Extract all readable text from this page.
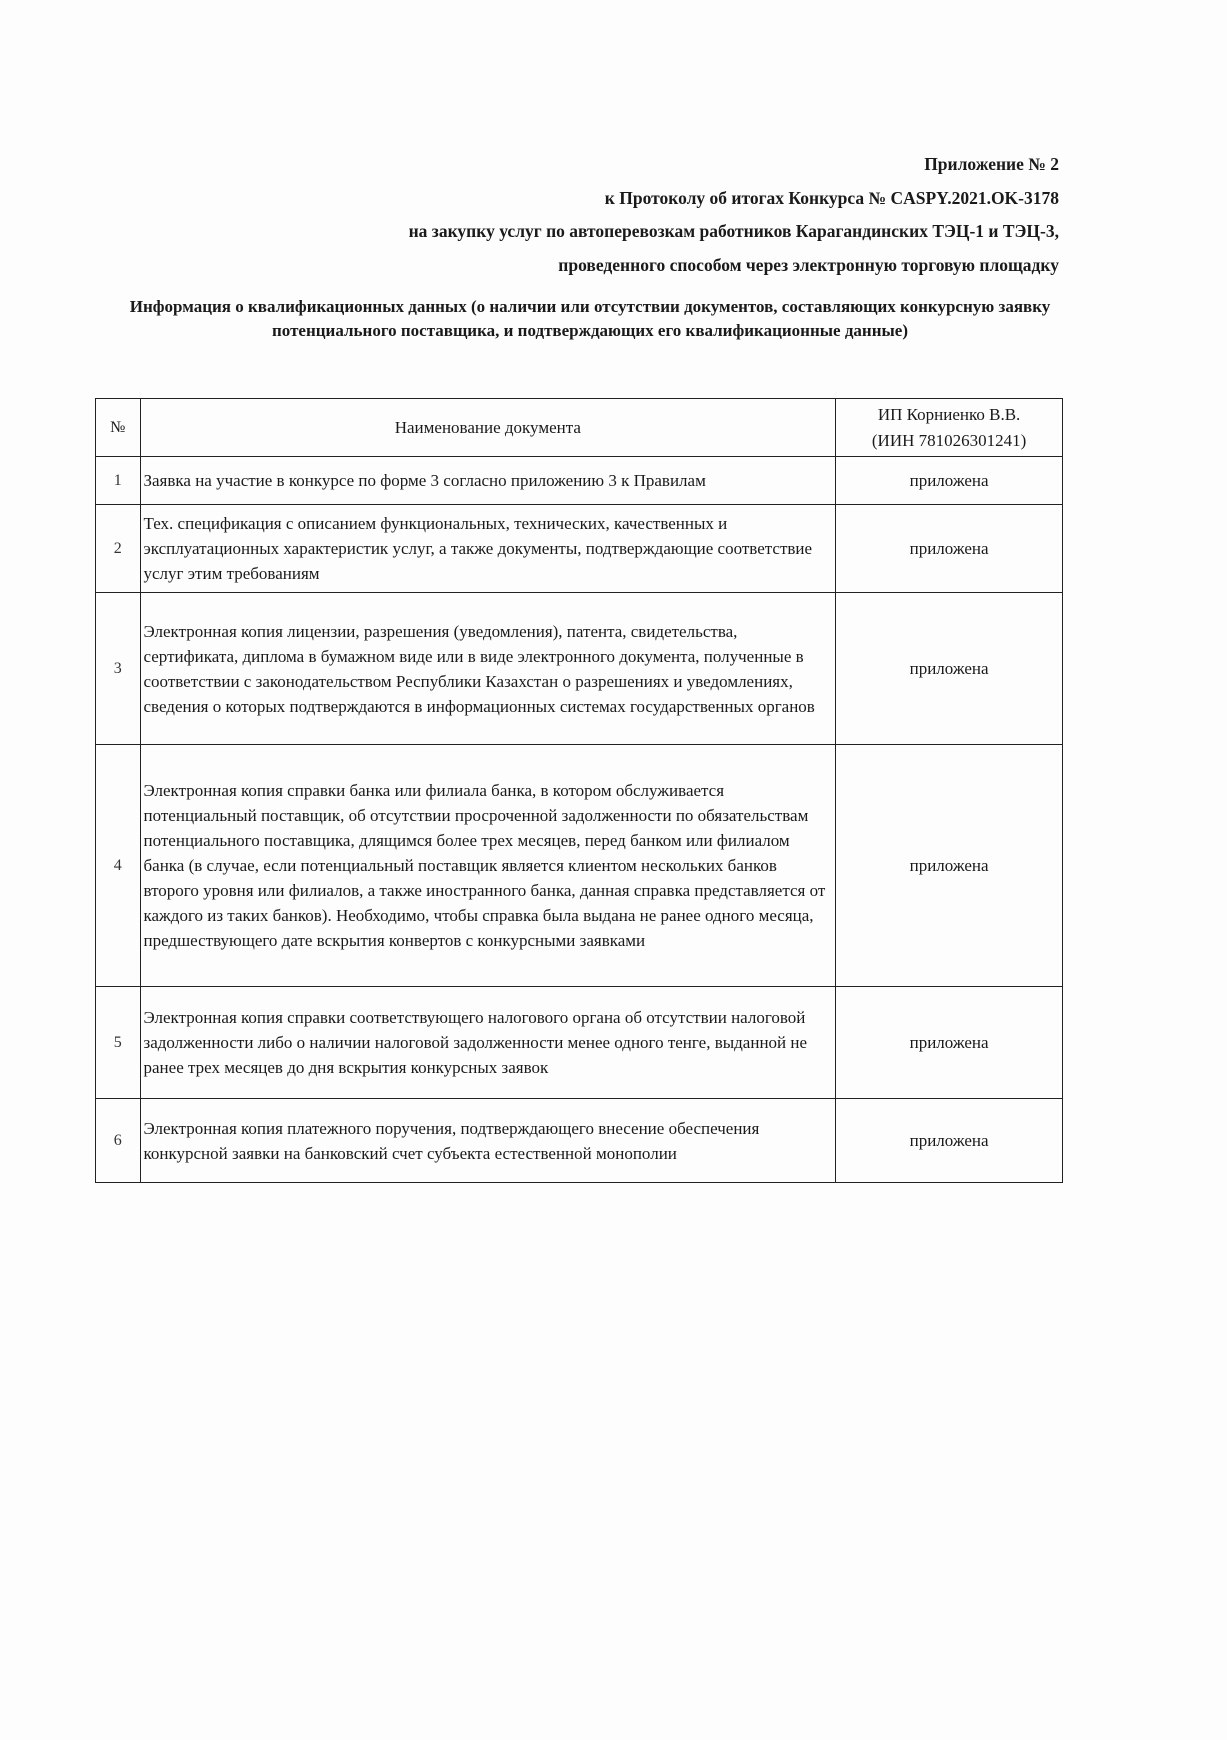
Приложение № 2
к Протоколу об итогах Конкурса № CASPY.2021.OK-3178
на закупку услуг по автоперевозкам работников Карагандинских ТЭЦ-1 и ТЭЦ-3,
проведенного способом через электронную торговую площадку
Информация о квалификационных данных (о наличии или отсутствии документов, составляющих конкурсную заявку потенциального поставщика, и подтверждающих его квалификационные данные)
№	Наименование документа	ИП Корниенко В.В.
(ИИН 781026301241)
1	Заявка на участие в конкурсе по форме 3 согласно приложению 3 к Правилам	приложена
2	Тех. спецификация с описанием функциональных, технических, качественных и эксплуатационных характеристик услуг, а также документы, подтверждающие соответствие услуг этим требованиям	приложена
3	Электронная копия лицензии, разрешения (уведомления), патента, свидетельства, сертификата, диплома в бумажном виде или в виде электронного документа, полученные в соответствии с законодательством Республики Казахстан о разрешениях и уведомлениях, сведения о которых подтверждаются в информационных системах государственных органов	приложена
4	Электронная копия справки банка или филиала банка, в котором обслуживается потенциальный поставщик, об отсутствии просроченной задолженности по обязательствам потенциального поставщика, длящимся более трех месяцев, перед банком или филиалом банка (в случае, если потенциальный поставщик является клиентом нескольких банков второго уровня или филиалов, а также иностранного банка, данная справка представляется от каждого из таких банков). Необходимо, чтобы справка была выдана не ранее одного месяца, предшествующего дате вскрытия конвертов с конкурсными заявками	приложена
5	Электронная копия справки соответствующего налогового органа об отсутствии налоговой задолженности либо о наличии налоговой задолженности менее одного тенге, выданной не ранее трех месяцев до дня вскрытия конкурсных заявок	приложена
6	Электронная копия платежного поручения, подтверждающего внесение обеспечения конкурсной заявки на банковский счет субъекта естественной монополии	приложена
